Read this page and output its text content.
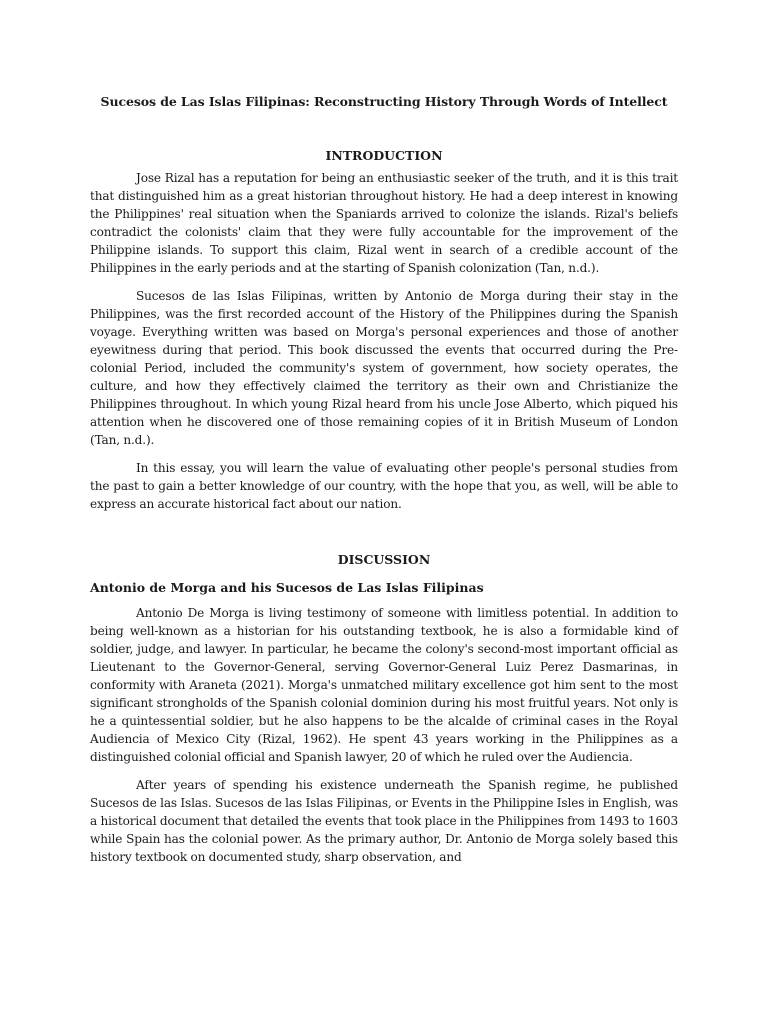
Sucesos de Las Islas Filipinas: Reconstructing History Through Words of Intellect
INTRODUCTION

Jose Rizal has a reputation for being an enthusiastic seeker of the truth, and it is this trait that distinguished him as a great historian throughout history. He had a deep interest in knowing the Philippines' real situation when the Spaniards arrived to colonize the islands. Rizal's beliefs contradict the colonists' claim that they were fully accountable for the improvement of the Philippine islands. To support this claim, Rizal went in search of a credible account of the Philippines in the early periods and at the starting of Spanish colonization (Tan, n.d.).

Sucesos de las Islas Filipinas, written by Antonio de Morga during their stay in the Philippines, was the first recorded account of the History of the Philippines during the Spanish voyage. Everything written was based on Morga's personal experiences and those of another eyewitness during that period. This book discussed the events that occurred during the Pre-colonial Period, included the community's system of government, how society operates, the culture, and how they effectively claimed the territory as their own and Christianize the Philippines throughout. In which young Rizal heard from his uncle Jose Alberto, which piqued his attention when he discovered one of those remaining copies of it in British Museum of London (Tan, n.d.).

In this essay, you will learn the value of evaluating other people's personal studies from the past to gain a better knowledge of our country, with the hope that you, as well, will be able to express an accurate historical fact about our nation.

DISCUSSION
Antonio de Morga and his Sucesos de Las Islas Filipinas

Antonio De Morga is living testimony of someone with limitless potential. In addition to being well-known as a historian for his outstanding textbook, he is also a formidable kind of soldier, judge, and lawyer. In particular, he became the colony's second-most important official as Lieutenant to the Governor-General, serving Governor-General Luiz Perez Dasmarinas, in conformity with Araneta (2021). Morga's unmatched military excellence got him sent to the most significant strongholds of the Spanish colonial dominion during his most fruitful years. Not only is he a quintessential soldier, but he also happens to be the alcalde of criminal cases in the Royal Audiencia of Mexico City (Rizal, 1962). He spent 43 years working in the Philippines as a distinguished colonial official and Spanish lawyer, 20 of which he ruled over the Audiencia.

After years of spending his existence underneath the Spanish regime, he published Sucesos de las Islas. Sucesos de las Islas Filipinas, or Events in the Philippine Isles in English, was a historical document that detailed the events that took place in the Philippines from 1493 to 1603 while Spain has the colonial power. As the primary author, Dr. Antonio de Morga solely based this history textbook on documented study, sharp observation, and
